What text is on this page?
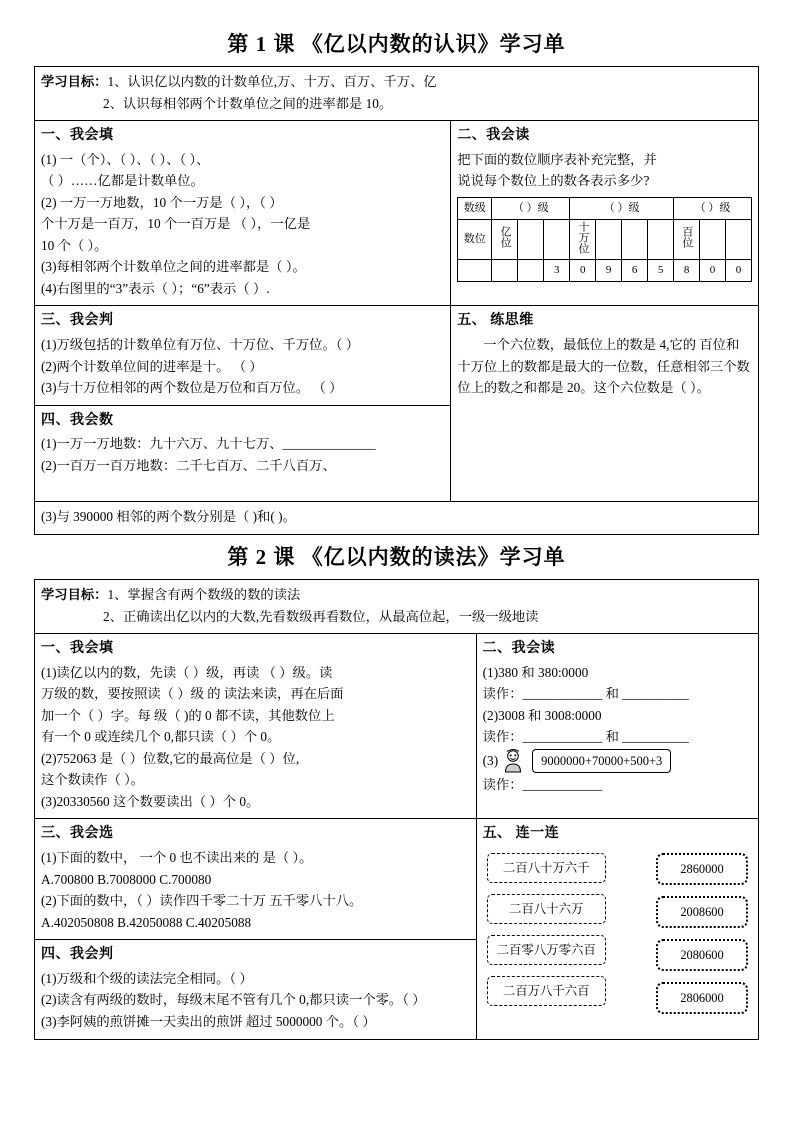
第 1 课 《亿以内数的认识》学习单
学习目标：1、认识亿以内数的计数单位,万、十万、百万、千万、亿
2、认识每相邻两个计数单位之间的进率都是 10。

一、我会填
(1) 一（个）、（ ）、（ ）、（ ）、
（ ）……亿都是计数单位。
(2) 一万一万地数，10 个一万是（ ），（ ）
个十万是一百万，10 个一百万是 （ ），一亿是
10 个（ ）。
(3)每相邻两个计数单位之间的进率都是（ ）。
(4)右图里的“3”表示（ ）；“6”表示（ ）.

二、我会读
把下面的数位顺序表补充完整，并
说说每个数位上的数各表示多少?
数级	（ ）级	（ ）级	（ ）级
数位	亿位			十万位				百位		
			3	0	9	6	5	8	0	0

三、我会判
(1)万级包括的计数单位有万位、十万位、千万位。（ ）
(2)两个计数单位间的进率是十。 （ ）
(3)与十万位相邻的两个数位是万位和百万位。 （ ）

五、 练思维
一个六位数，最低位上的数是 4,它的 百位和十万位上的数都是最大的一位数，任意相邻三个数位上的数之和都是 20。这个六位数是（ ）。

四、我会数
(1)一万一万地数：九十六万、九十七万、______________
(2)一百万一百万地数：二千七百万、二千八百万、

(3)与 390000 相邻的两个数分别是（ )和( )。
第 2 课 《亿以内数的读法》学习单
学习目标：1、掌握含有两个数级的数的读法
2、正确读出亿以内的大数,先看数级再看数位，从最高位起，一级一级地读	

一、我会填
(1)读亿以内的数，先读（ ）级，再读 （ ）级。读
万级的数，要按照读（ ）级 的 读法来读，再在后面
加一个（ ）字。每 级（ )的 0 都不读，其他数位上
有一个 0 或连续几个 0,都只读（ ）个 0。
(2)752063 是（ ）位数,它的最高位是（ ）位,
这个数读作（ ）。
(3)20330560 这个数要读出（ ）个 0。

二、我会读
(1)380 和 380:0000
读作：____________ 和 __________
(2)3008 和 3008:0000
读作：____________ 和 __________
(3)	9000000+70000+500+3
读作：____________

三、我会选
(1)下面的数中， 一个 0 也不读出来的 是（ ）。
A.700800 B.7008000 C.700080
(2)下面的数中，（ ）读作四千零二十万 五千零八十八。
A.402050808 B.42050088 C.40205088

五、 连一连
二百八十万六千
二百八十六万
二百零八万零六百
二百万八千六百
2860000
2008600
2080600
2806000

四、我会判
(1)万级和个级的读法完全相同。（ ）
(2)读含有两级的数时，每级末尾不管有几个 0,都只读一个零。（ ）
(3)李阿姨的煎饼摊一天卖出的煎饼 超过 5000000 个。（ ）	
